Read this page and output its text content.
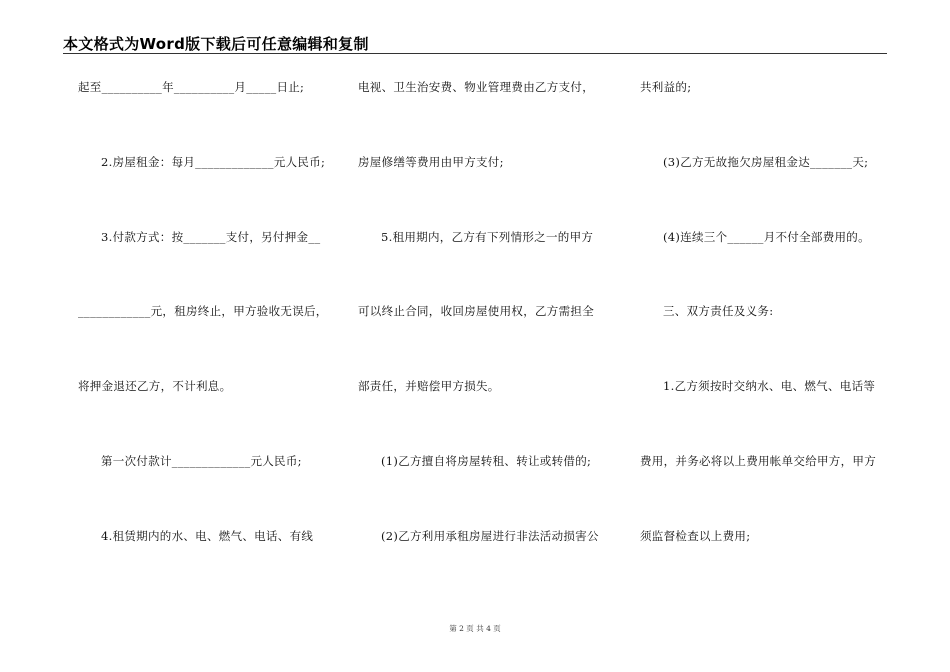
本文格式为Word版下载后可任意编辑和复制
起至__________年__________月_____日止;
2.房屋租金：每月_____________元人民币;
3.付款方式：按_______支付，另付押金__
____________元，租房终止，甲方验收无误后，
将押金退还乙方，不计利息。
第一次付款计_____________元人民币;
4.租赁期内的水、电、燃气、电话、有线
电视、卫生治安费、物业管理费由乙方支付，
房屋修缮等费用由甲方支付;
5.租用期内，乙方有下列情形之一的甲方
可以终止合同，收回房屋使用权，乙方需担全
部责任，并赔偿甲方损失。
(1)乙方擅自将房屋转租、转让或转借的;
(2)乙方利用承租房屋进行非法活动损害公
共利益的;
(3)乙方无故拖欠房屋租金达_______天;
(4)连续三个______月不付全部费用的。
三、双方责任及义务:
1.乙方须按时交纳水、电、燃气、电话等
费用，并务必将以上费用帐单交给甲方，甲方
须监督检查以上费用;
第 2 页 共 4 页
